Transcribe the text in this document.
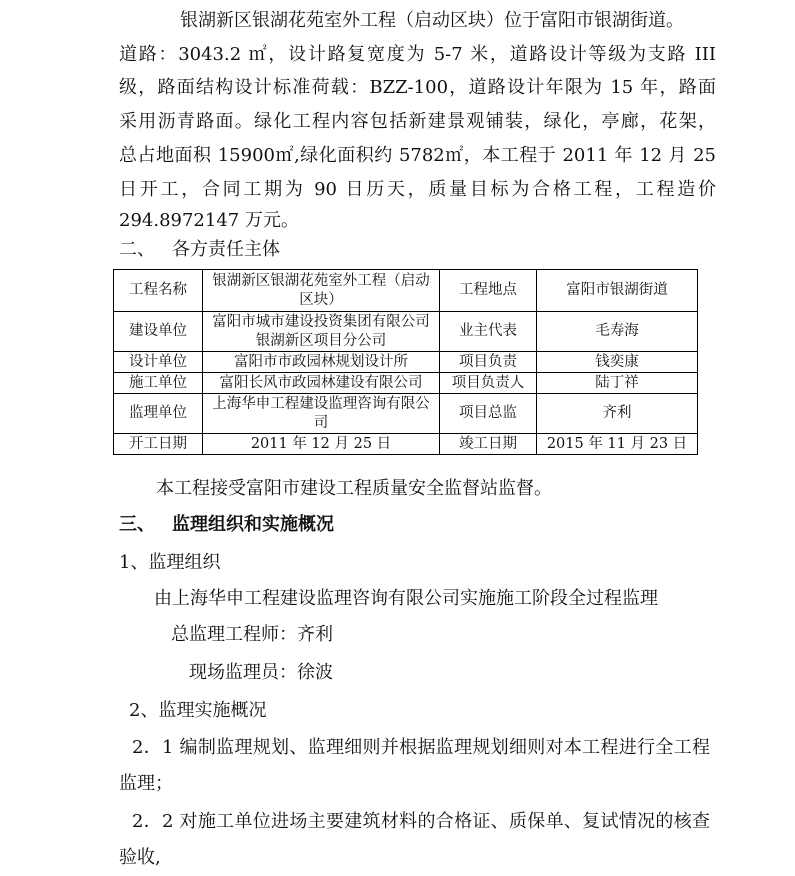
银湖新区银湖花苑室外工程（启动区块）位于富阳市银湖街道。
道路：3043.2 ㎡，设计路复宽度为 5-7 米，道路设计等级为支路 III
级，路面结构设计标准荷载：BZZ-100，道路设计年限为 15 年，路面
采用沥青路面。绿化工程内容包括新建景观铺装，绿化，亭廊，花架，
总占地面积 15900㎡,绿化面积约 5782㎡，本工程于 2011 年 12 月 25
日开工，合同工期为 90 日历天，质量目标为合格工程，工程造价
294.8972147 万元。
二、 各方责任主体
工程名称	银湖新区银湖花苑室外工程（启动区块）	工程地点	富阳市银湖街道
建设单位	富阳市城市建设投资集团有限公司银湖新区项目分公司	业主代表	毛寿海
设计单位	富阳市市政园林规划设计所	项目负责	钱奕康
施工单位	富阳长风市政园林建设有限公司	项目负责人	陆丁祥
监理单位	上海华申工程建设监理咨询有限公司	项目总监	齐利
开工日期	2011 年 12 月 25 日	竣工日期	2015 年 11 月 23 日
本工程接受富阳市建设工程质量安全监督站监督。
三、 监理组织和实施概况
1、监理组织
由上海华申工程建设监理咨询有限公司实施施工阶段全过程监理
总监理工程师：齐利
现场监理员：徐波
2、监理实施概况
2．1 编制监理规划、监理细则并根据监理规划细则对本工程进行全工程
监理；
2．2 对施工单位进场主要建筑材料的合格证、质保单、复试情况的核查
验收,
